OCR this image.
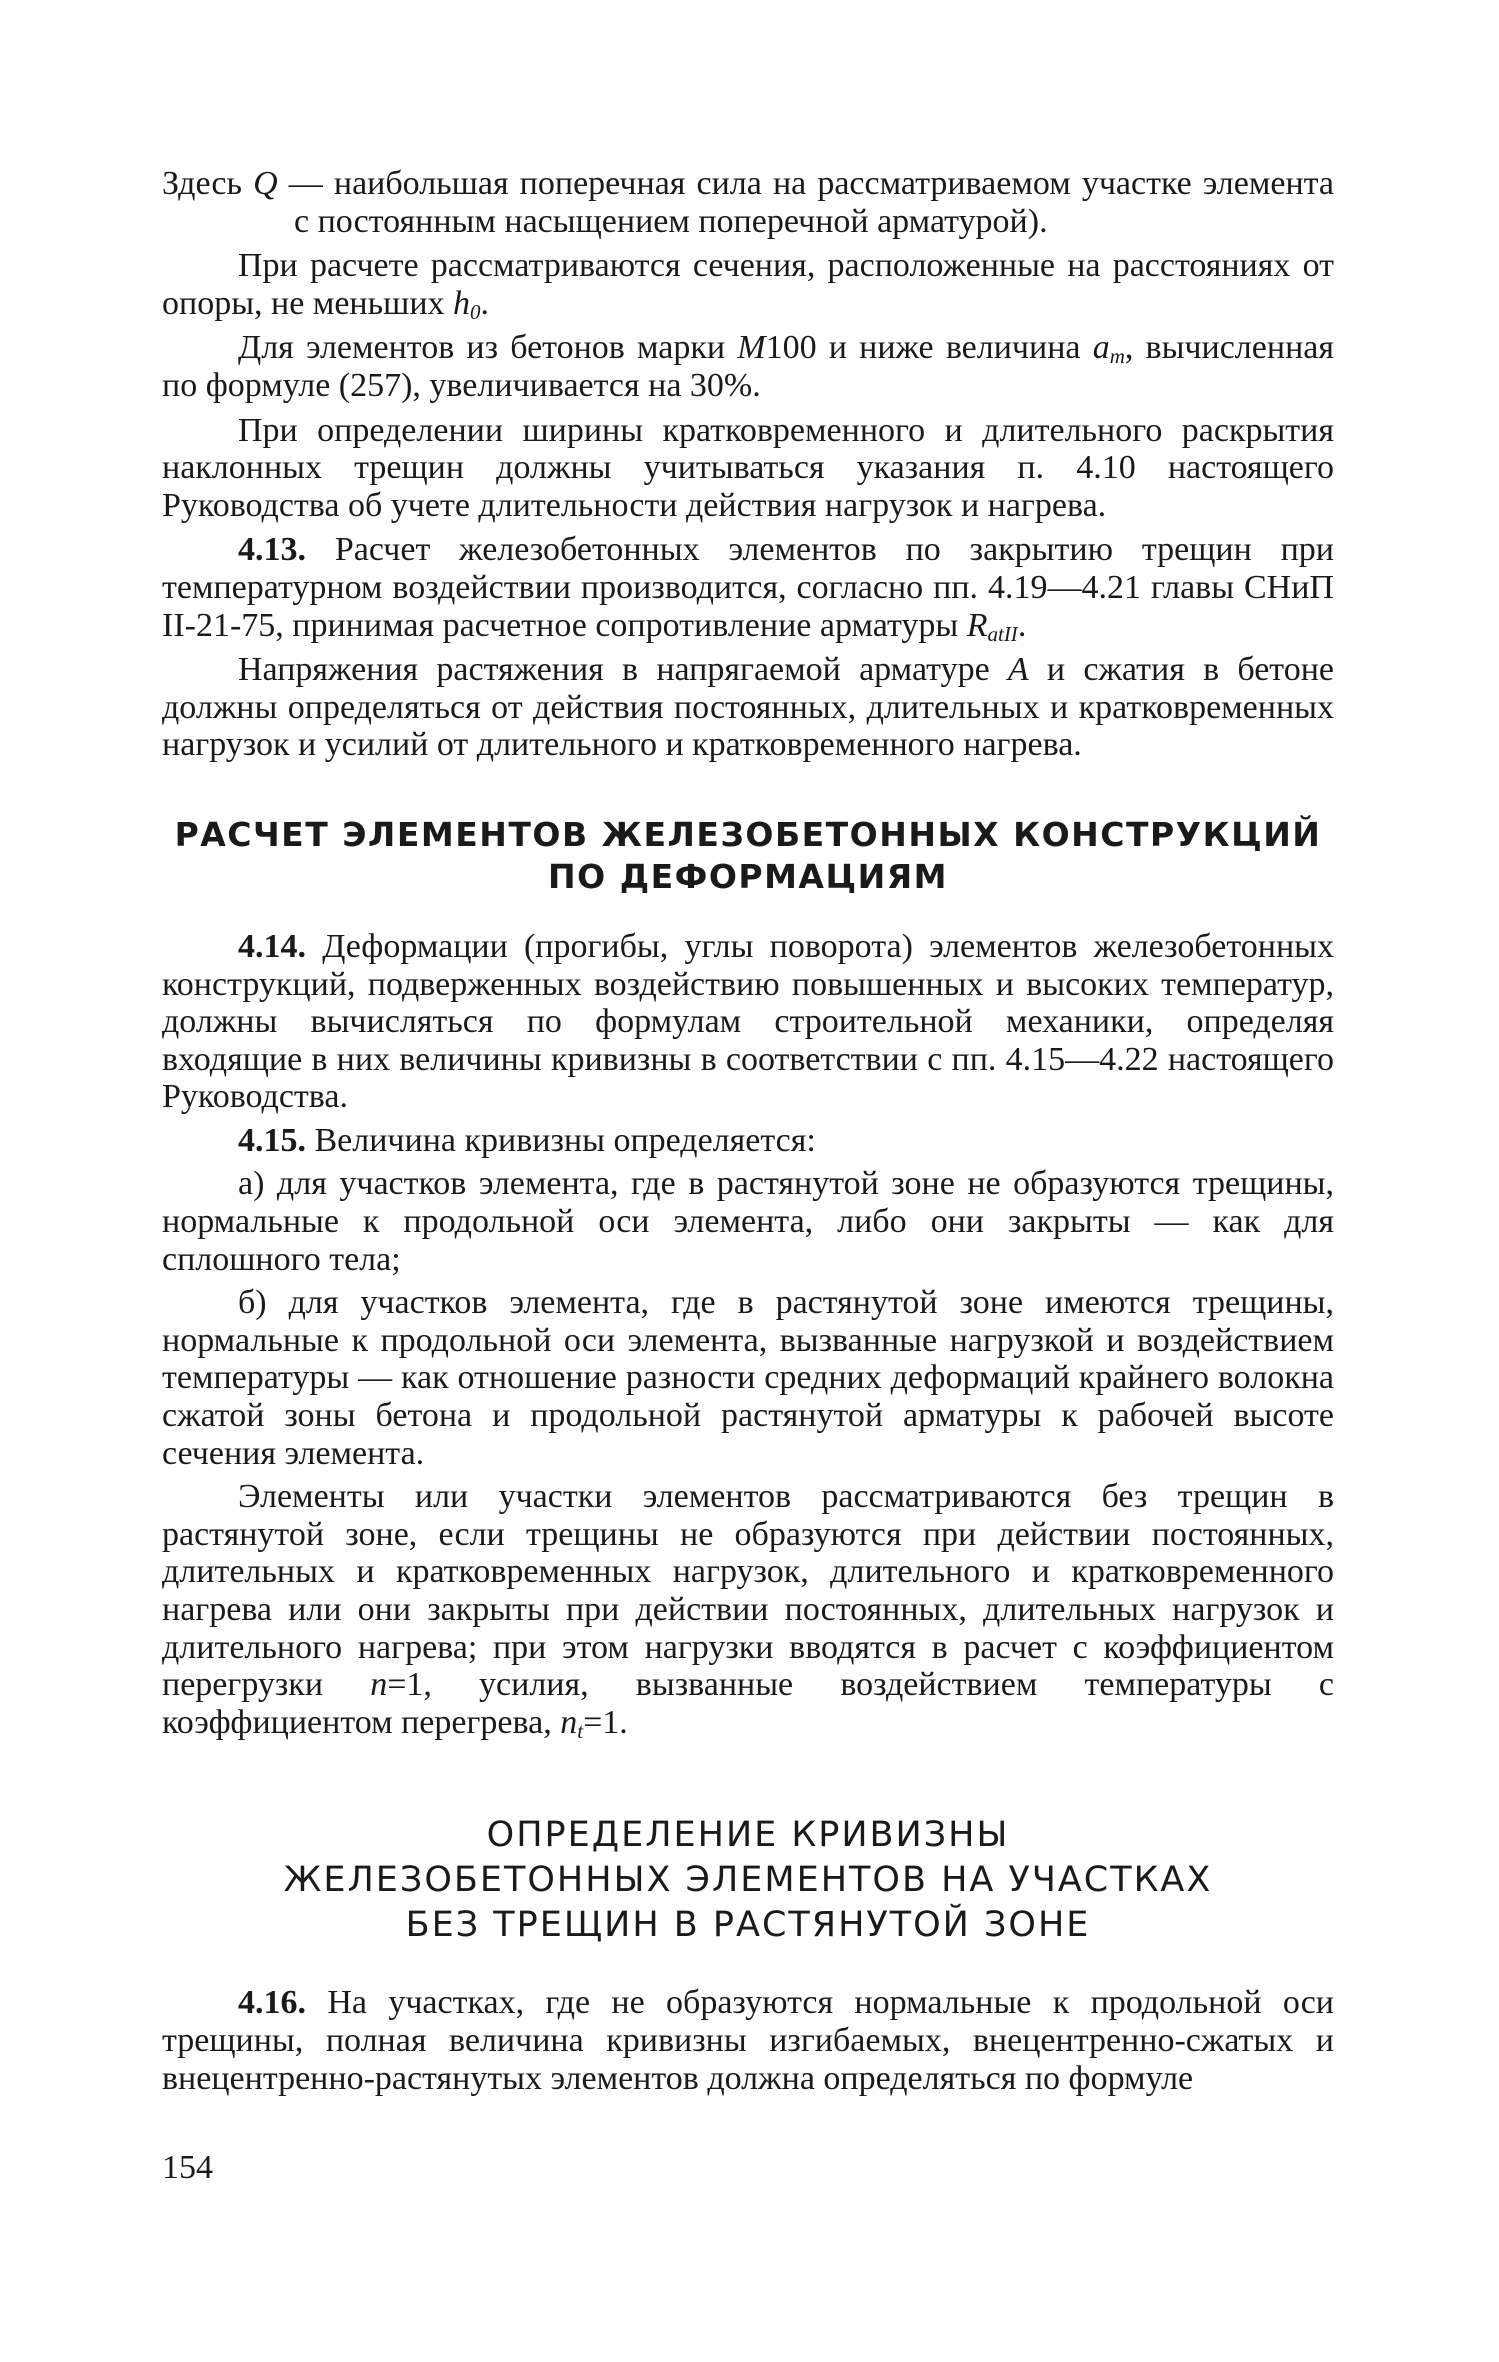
Здесь Q — наибольшая поперечная сила на рассматриваемом участке элемента с постоянным насыщением поперечной арматурой).

При расчете рассматриваются сечения, расположенные на расстояниях от опоры, не меньших $h_0$.

Для элементов из бетонов марки М100 и ниже величина $a_т$, вычисленная по формуле (257), увеличивается на 30%.

При определении ширины кратковременного и длительного раскрытия наклонных трещин должны учитываться указания п. 4.10 настоящего Руководства об учете длительности действия нагрузок и нагрева.

4.13. Расчет железобетонных элементов по закрытию трещин при температурном воздействии производится, согласно пп. 4.19—4.21 главы СНиП II-21-75, принимая расчетное сопротивление арматуры $R_{atII}$.

Напряжения растяжения в напрягаемой арматуре А и сжатия в бетоне должны определяться от действия постоянных, длительных и кратковременных нагрузок и усилий от длительного и кратковременного нагрева.

РАСЧЕТ ЭЛЕМЕНТОВ ЖЕЛЕЗОБЕТОННЫХ КОНСТРУКЦИЙ
ПО ДЕФОРМАЦИЯМ

4.14. Деформации (прогибы, углы поворота) элементов железобетонных конструкций, подверженных воздействию повышенных и высоких температур, должны вычисляться по формулам строительной механики, определяя входящие в них величины кривизны в соответствии с пп. 4.15—4.22 настоящего Руководства.

4.15. Величина кривизны определяется:

а) для участков элемента, где в растянутой зоне не образуются трещины, нормальные к продольной оси элемента, либо они закрыты — как для сплошного тела;

б) для участков элемента, где в растянутой зоне имеются трещины, нормальные к продольной оси элемента, вызванные нагрузкой и воздействием температуры — как отношение разности средних деформаций крайнего волокна сжатой зоны бетона и продольной растянутой арматуры к рабочей высоте сечения элемента.

Элементы или участки элементов рассматриваются без трещин в растянутой зоне, если трещины не образуются при действии постоянных, длительных и кратковременных нагрузок, длительного и кратковременного нагрева или они закрыты при действии постоянных, длительных нагрузок и длительного нагрева; при этом нагрузки вводятся в расчет с коэффициентом перегрузки n=1, усилия, вызванные воздействием температуры с коэффициентом перегрева, $n_t=1$.

ОПРЕДЕЛЕНИЕ КРИВИЗНЫ
ЖЕЛЕЗОБЕТОННЫХ ЭЛЕМЕНТОВ НА УЧАСТКАХ
БЕЗ ТРЕЩИН В РАСТЯНУТОЙ ЗОНЕ

4.16. На участках, где не образуются нормальные к продольной оси трещины, полная величина кривизны изгибаемых, внецентренно-сжатых и внецентренно-растянутых элементов должна определяться по формуле

154
